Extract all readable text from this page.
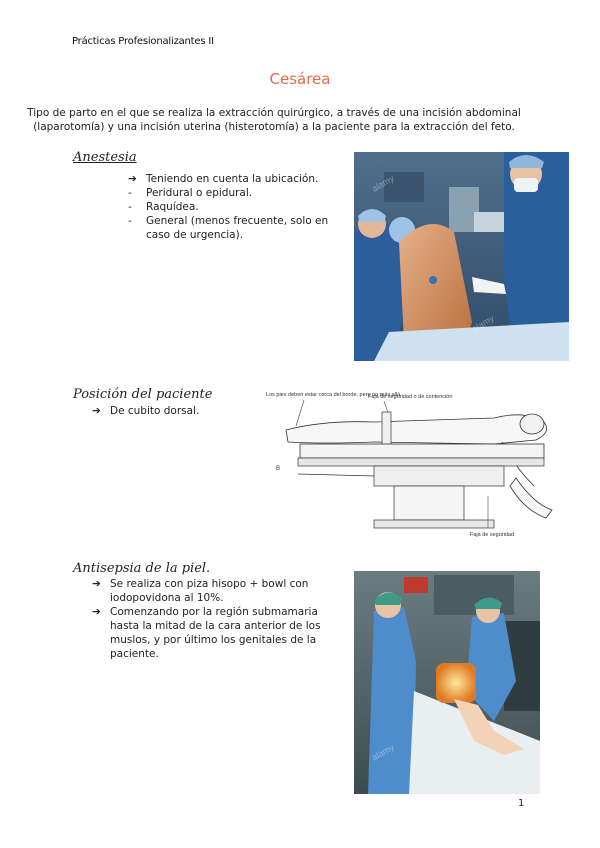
Prácticas Profesionalizantes II
Cesárea
Tipo de parto en el que se realiza la extracción quirúrgico, a través de una incisión abdominal (laparotomía) y una incisión uterina (histerotomía) a la paciente para la extracción del feto.
Anestesia
➔ Teniendo en cuenta la ubicación.
-	Peridural o epidural.
-	Raquídea.
-	General (menos frecuente, solo en caso de urgencia).
alamy
alamy
Posición del paciente
➔ De cubito dorsal.
Los pies deben estar cerca del borde, pero no más allá
Faja de seguridad o de contención
B
Faja de seguridad
Antisepsia de la piel.
➔ Se realiza con piza hisopo + bowl con iodopovidona al 10%.
➔ Comenzando por la región submamaria hasta la mitad de la cara anterior de los muslos, y por último los genitales de la paciente.
alamy
1
